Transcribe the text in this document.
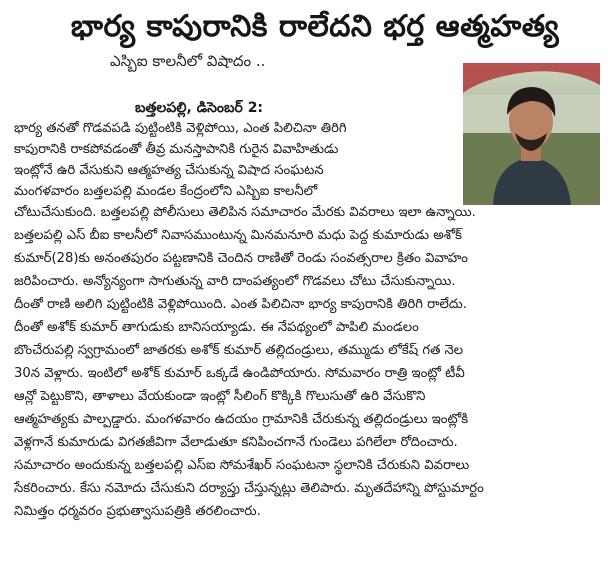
భార్య కాపురానికి రాలేదని భర్త ఆత్మహత్య
ఎస్బిఐ కాలనీలో విషాదం ..
బత్తలపల్లి, డిసెంబర్ 2:
భార్య తనతో గొడవపడి పుట్టింటికి వెళ్లిపోయి, ఎంత పిలిచినా తిరిగి
కాపురానికి రాకపోవడంతో తీవ్ర మనస్తాపానికి గురైన వివాహితుడు
ఇంట్లోనే ఉరి వేసుకుని ఆత్మహత్య చేసుకున్న విషాద సంఘటన
మంగళవారం బత్తలపల్లి మండల కేంద్రంలోని ఎస్బిఐ కాలనీలో
చోటుచేసుకుంది. బత్తలపల్లి పోలీసులు తెలిపిన సమాచారం మేరకు వివరాలు ఇలా ఉన్నాయి.
బత్తలపల్లి ఎస్ బీఐ కాలనీలో నివాసముంటున్న మినమనూరి మధు పెద్ద కుమారుడు అశోక్
కుమార్(28)కు అనంతపురం పట్టణానికి చెందిన రాణితో రెండు సంవత్సరాల క్రితం వివాహం
జరిపించారు. అన్యోన్యంగా సాగుతున్న వారి దాంపత్యంలో గొడవలు చోటు చేసుకున్నాయి.
దీంతో రాణి అలిగి పుట్టింటికి వెళ్లిపోయింది. ఎంత పిలిచినా భార్య కాపురానికి తిరిగి రాలేదు.
దీంతో అశోక్ కుమార్ తాగుడుకు బానిసయ్యాడు. ఈ నేపథ్యంలో పాపిలి మండలం
బొంచేరుపల్లి స్వగ్రామంలో జాతరకు అశోక్ కుమార్ తల్లిదండ్రులు, తమ్ముడు లోకేష్ గత నెల
30న వెళ్లారు. ఇంటిలో అశోక్ కుమార్ ఒక్కడే ఉండిపోయారు. సోమవారం రాత్రి ఇంట్లో టీవీ
ఆన్లో పెట్టుకొని, తాళాలు వేయకుండా ఇంట్లో సీలింగ్ కొక్కికి గొలుసుతో ఉరి వేసుకొని
ఆత్మహత్యకు పాల్పడ్డారు. మంగళవారం ఉదయం గ్రామానికి చేరుకున్న తల్లిదండ్రులు ఇంట్లోకి
వెళ్లగానే కుమారుడు విగతజీవిగా వేలాడుతూ కనిపించగానే గుండెలు పగిలేలా రోదించారు.
సమాచారం అందుకున్న బత్తలపల్లి ఎస్ఐ సోమశేఖర్ సంఘటనా స్థలానికి చేరుకుని వివరాలు
సేకరించారు. కేసు నమోదు చేసుకుని దర్యాప్తు చేస్తున్నట్లు తెలిపారు. మృతదేహాన్ని పోస్టుమార్టం
నిమిత్తం ధర్మవరం ప్రభుత్వాసుపత్రికి తరలించారు.
